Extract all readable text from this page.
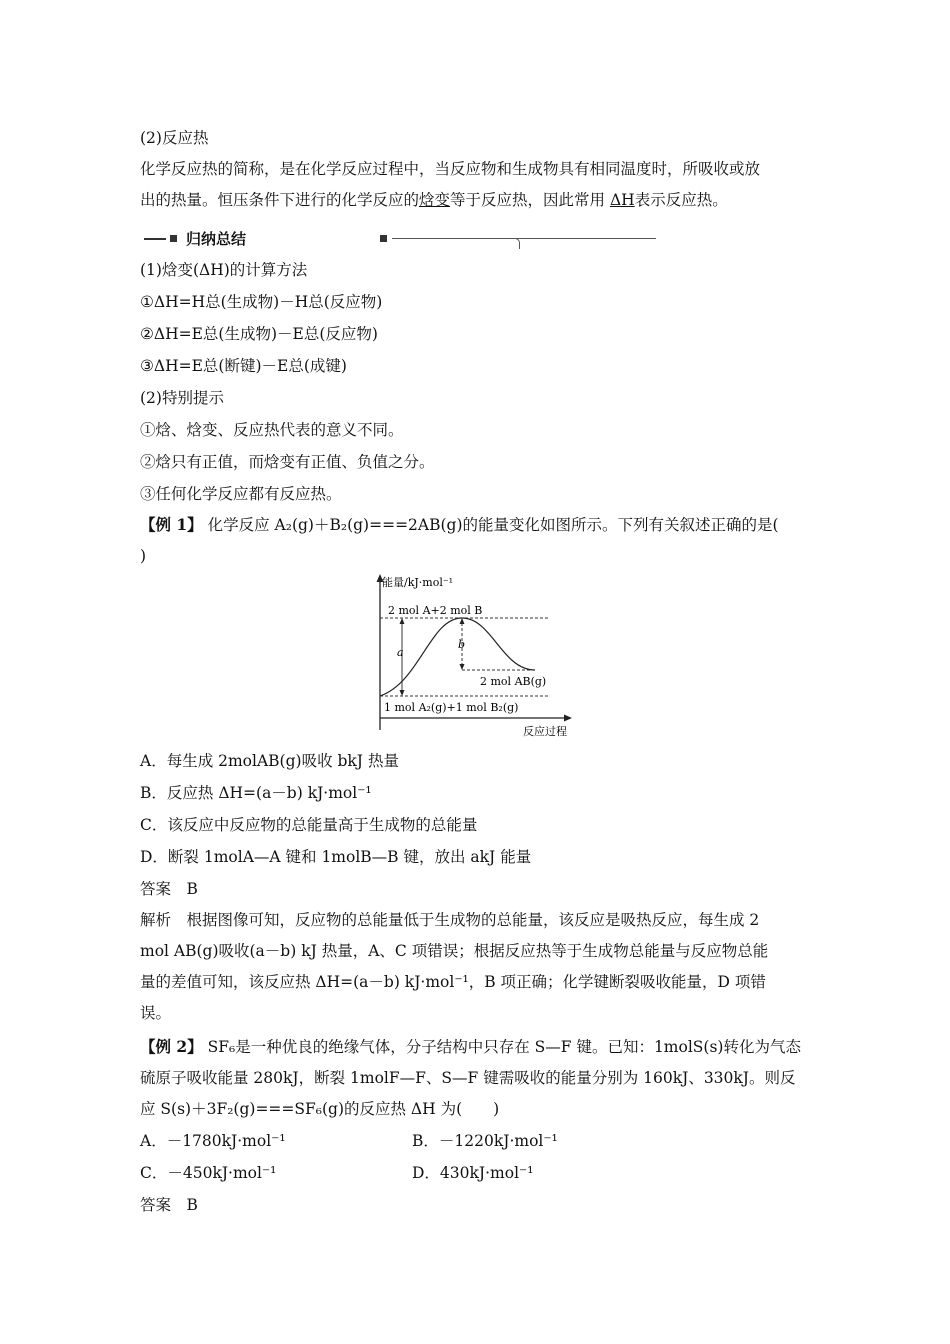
(2)反应热
化学反应热的简称，是在化学反应过程中，当反应物和生成物具有相同温度时，所吸收或放
出的热量。恒压条件下进行的化学反应的焓变等于反应热，因此常用 ΔH表示反应热。
归纳总结
(1)焓变(ΔH)的计算方法
①ΔH=H总(生成物)－H总(反应物)
②ΔH=E总(生成物)－E总(反应物)
③ΔH=E总(断键)－E总(成键)
(2)特别提示
①焓、焓变、反应热代表的意义不同。
②焓只有正值，而焓变有正值、负值之分。
③任何化学反应都有反应热。
【例 1】 化学反应 A₂(g)＋B₂(g)===2AB(g)的能量变化如图所示。下列有关叙述正确的是(
)
能量/kJ·mol⁻¹
反应过程
a
b
2 mol A+2 mol B
2 mol AB(g)
1 mol A₂(g)+1 mol B₂(g)
A．每生成 2molAB(g)吸收 bkJ 热量
B．反应热 ΔH=(a－b) kJ·mol⁻¹
C．该反应中反应物的总能量高于生成物的总能量
D．断裂 1molA—A 键和 1molB—B 键，放出 akJ 能量
答案　B
解析　根据图像可知，反应物的总能量低于生成物的总能量，该反应是吸热反应，每生成 2
mol AB(g)吸收(a－b) kJ 热量，A、C 项错误；根据反应热等于生成物总能量与反应物总能
量的差值可知，该反应热 ΔH=(a－b) kJ·mol⁻¹，B 项正确；化学键断裂吸收能量，D 项错
误。
【例 2】 SF₆是一种优良的绝缘气体，分子结构中只存在 S—F 键。已知：1molS(s)转化为气态
硫原子吸收能量 280kJ，断裂 1molF—F、S—F 键需吸收的能量分别为 160kJ、330kJ。则反
应 S(s)＋3F₂(g)===SF₆(g)的反应热 ΔH 为(　　)
A．－1780kJ·mol⁻¹	B．－1220kJ·mol⁻¹
C．－450kJ·mol⁻¹	D．430kJ·mol⁻¹
答案　B
